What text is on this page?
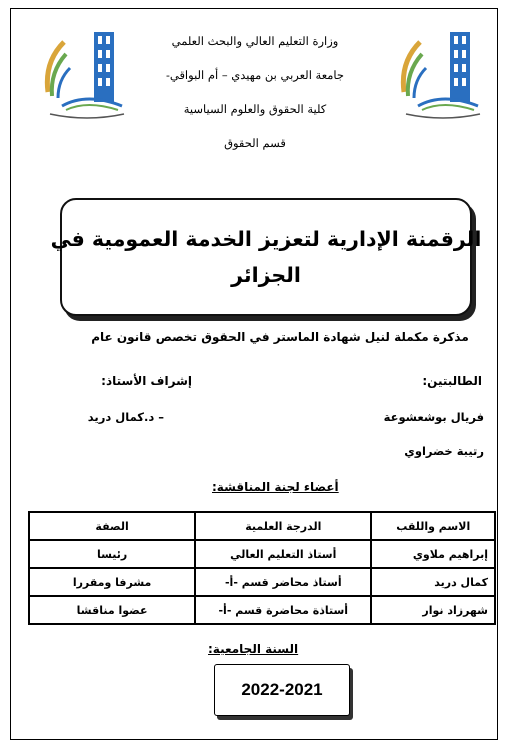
وزارة التعليم العالي والبحث العلمي
جامعة العربي بن مهيدي – أم البواقي-
كلية الحقوق والعلوم السياسية
قسم الحقوق
الرقمنة الإدارية لتعزيز الخدمة العمومية في
الجزائر
مذكرة مكملة لنيل شهادة الماستر في الحقوق تخصص قانون عام
الطالبتين:
إشراف الأستاذ:
فريال بوشعشوعة
– د.كمال دريد
رتيبة خضراوي
أعضاء لجنة المناقشة:
الاسم واللقب	الدرجة العلمية	الصفة
إبراهيم ملاوي	أستاذ التعليم العالي	رئيسا
كمال دريد	أستاذ محاضر قسم -أ-	مشرفا ومقررا
شهرزاد نوار	أستاذة محاضرة قسم -أ-	عضوا مناقشا
السنة الجامعية:
2022-2021
